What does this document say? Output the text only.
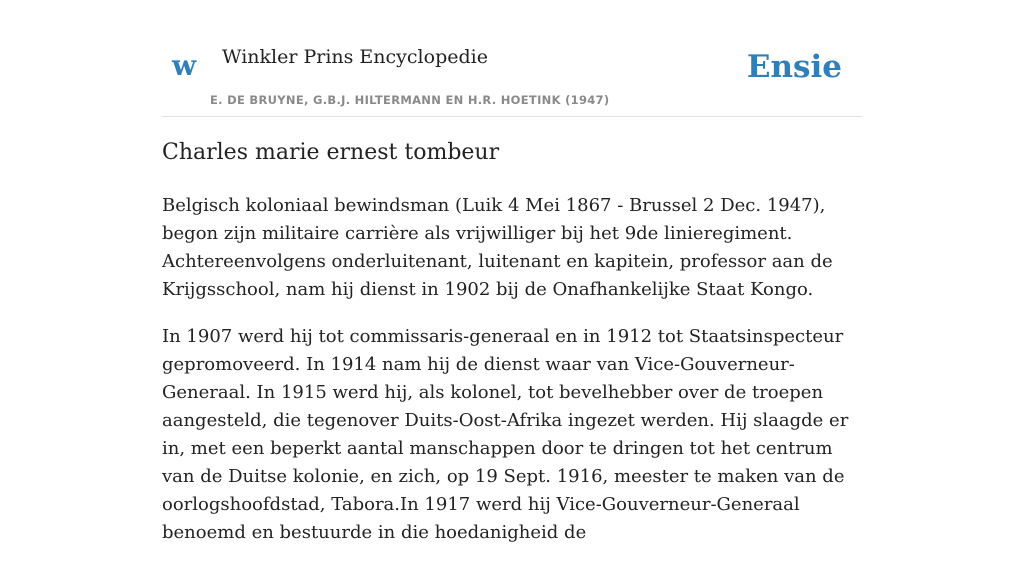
w Winkler Prins Encyclopedie
E. DE BRUYNE, G.B.J. HILTERMANN EN H.R. HOETINK (1947)
Ensie
Charles marie ernest tombeur

Belgisch koloniaal bewindsman (Luik 4 Mei 1867 - Brussel 2 Dec. 1947), begon zijn militaire carrière als vrijwilliger bij het 9de linieregiment. Achtereenvolgens onderluitenant, luitenant en kapitein, professor aan de Krijgsschool, nam hij dienst in 1902 bij de Onafhankelijke Staat Kongo.

In 1907 werd hij tot commissaris-generaal en in 1912 tot Staatsinspecteur gepromoveerd. In 1914 nam hij de dienst waar van Vice-Gouverneur-Generaal. In 1915 werd hij, als kolonel, tot bevelhebber over de troepen aangesteld, die tegenover Duits-Oost-Afrika ingezet werden. Hij slaagde er in, met een beperkt aantal manschappen door te dringen tot het centrum van de Duitse kolonie, en zich, op 19 Sept. 1916, meester te maken van de oorlogshoofdstad, Tabora.In 1917 werd hij Vice-Gouverneur-Generaal benoemd en bestuurde in die hoedanigheid de
